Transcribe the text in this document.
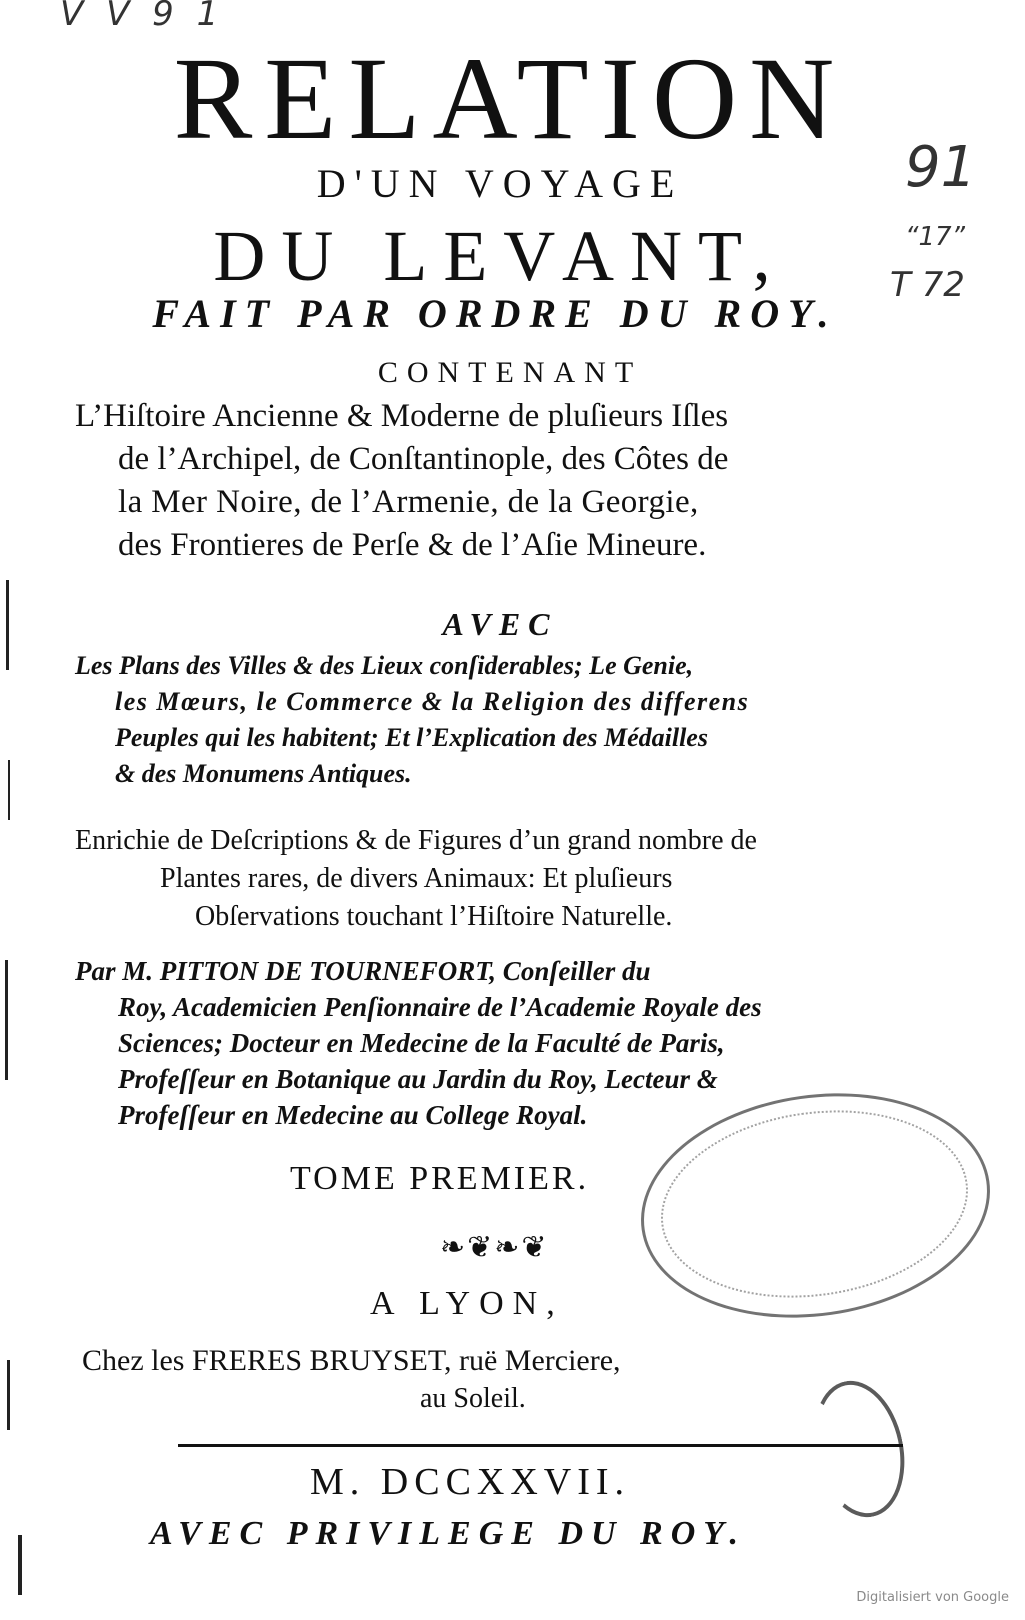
V V 9 1
91
“17”
T 72
RELATION
D'UN VOYAGE
DU LEVANT,
FAIT PAR ORDRE DU ROY.
CONTENANT
L’Hiſtoire Ancienne & Moderne de pluſieurs Iſles
de l’Archipel, de Conſtantinople, des Côtes de
la Mer Noire, de l’Armenie, de la Georgie,
des Frontieres de Perſe & de l’Aſie Mineure.
AVEC
Les Plans des Villes & des Lieux conſiderables; Le Genie,
les Mœurs, le Commerce & la Religion des differens
Peuples qui les habitent; Et l’Explication des Médailles
& des Monumens Antiques.
Enrichie de Deſcriptions & de Figures d’un grand nombre de
Plantes rares, de divers Animaux: Et pluſieurs
Obſervations touchant l’Hiſtoire Naturelle.
Par M. PITTON DE TOURNEFORT, Conſeiller du
Roy, Academicien Penſionnaire de l’Academie Royale des
Sciences; Docteur en Medecine de la Faculté de Paris,
Profeſſeur en Botanique au Jardin du Roy, Lecteur &
Profeſſeur en Medecine au College Royal.
TOME PREMIER.
❧❦❧❦
A LYON,
Chez les FRERES BRUYSET, ruë Merciere,
au Soleil.
M. DCCXXVII.
AVEC PRIVILEGE DU ROY.
Digitalisiert von Google
